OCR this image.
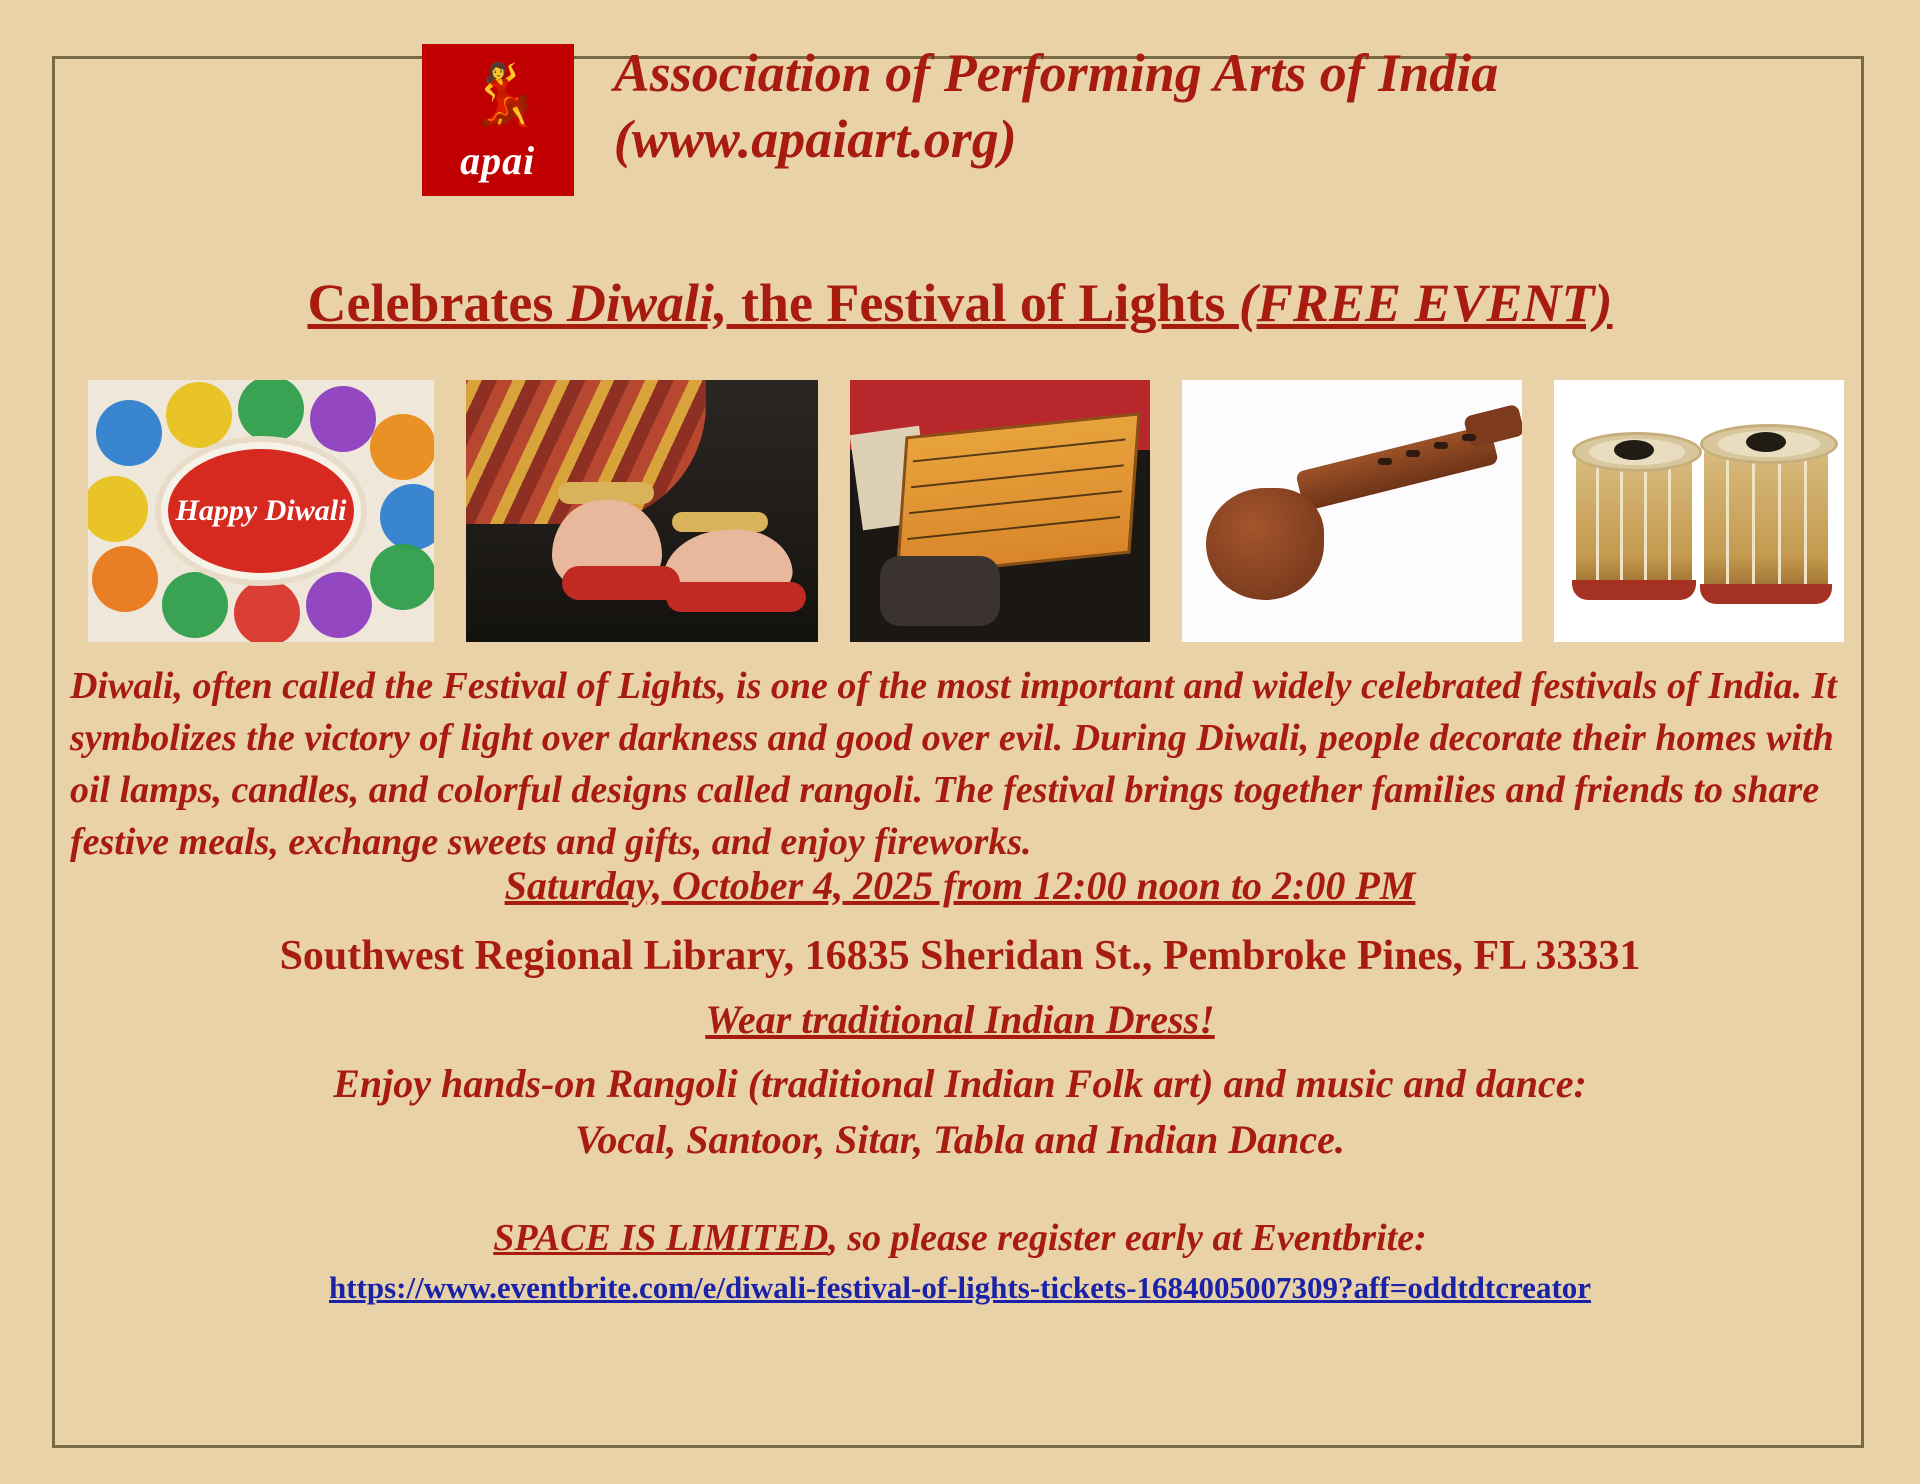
💃
apai
Association of Performing Arts of India
(www.apaiart.org)
Celebrates Diwali, the Festival of Lights (FREE EVENT)
Happy Diwali
Diwali, often called the Festival of Lights, is one of the most important and widely celebrated festivals of India. It symbolizes the victory of light over darkness and good over evil. During Diwali, people decorate their homes with oil lamps, candles, and colorful designs called rangoli. The festival brings together families and friends to share festive meals, exchange sweets and gifts, and enjoy fireworks.
Saturday, October 4, 2025 from 12:00 noon to 2:00 PM
Southwest Regional Library, 16835 Sheridan St., Pembroke Pines, FL 33331
Wear traditional Indian Dress!
Enjoy hands-on Rangoli (traditional Indian Folk art) and music and dance:
Vocal, Santoor, Sitar, Tabla and Indian Dance.
SPACE IS LIMITED, so please register early at Eventbrite:
https://www.eventbrite.com/e/diwali-festival-of-lights-tickets-1684005007309?aff=oddtdtcreator
